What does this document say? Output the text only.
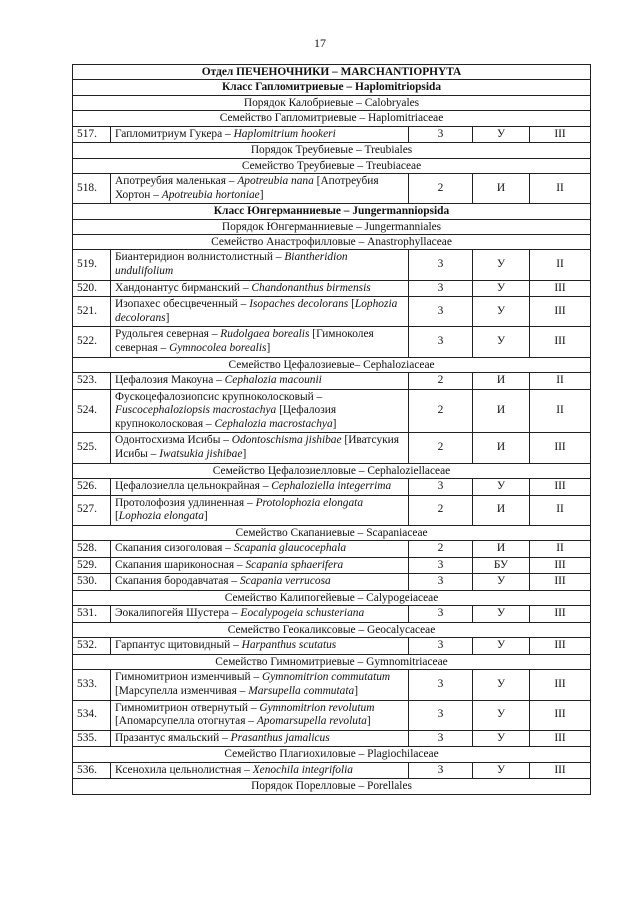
17
Отдел ПЕЧЕНОЧНИКИ – MARCHANTIOPHYTA				
Класс Гапломитриевые – Haplomitriopsida				
Порядок Калобриевые – Calobryales				
Семейство Гапломитриевые – Haplomitriaceae				
517.	Гапломитриум Гукера – Haplomitrium hookeri	3	У	III
Порядок Треубиевые – Treubiales				
Семейство Треубиевые – Treubiaceae				
518.	Апотреубия маленькая – Apotreubia nana [Апотреубия Хортон – Apotreubia hortoniae]	2	И	II
Класс Юнгерманниевые – Jungermanniopsida				
Порядок Юнгерманниевые – Jungermanniales				
Семейство Анастрофилловые – Anastrophyllaceae				
519.	Биантеридион волнистолистный – Biantheridion undulifolium	3	У	II
520.	Хандонантус бирманский – Chandonanthus birmensis	3	У	III
521.	Изопахес обесцвеченный – Isopaches decolorans [Lophozia decolorans]	3	У	III
522.	Рудольгея северная – Rudolgaea borealis [Гимноколея северная – Gymnocolea borealis]	3	У	III
Семейство Цефалозиевые– Cephaloziaceae				
523.	Цефалозия Макоуна – Cephalozia macounii	2	И	II
524.	Фускоцефалозиопсис крупноколосковый – Fuscocephaloziopsis macrostachya [Цефалозия крупноколосковая – Cephalozia macrostachya]	2	И	II
525.	Одонтосхизма Исибы – Odontoschisma jishibae [Иватсукия Исибы – Iwatsukia jishibae]	2	И	III
Семейство Цефалозиелловые – Cephaloziellaceae				
526.	Цефалозиелла цельнокрайная – Cephaloziella integerrima	3	У	III
527.	Протолофозия удлиненная – Protolophozia elongata [Lophozia elongata]	2	И	II
Семейство Скапаниевые – Scapaniaceae				
528.	Скапания сизоголовая – Scapania glaucocephala	2	И	II
529.	Скапания шариконосная – Scapania sphaerifera	3	БУ	III
530.	Скапания бородавчатая – Scapania verrucosa	3	У	III
Семейство Калипогейевые – Calypogeiaceae				
531.	Эокалипогейя Шустера – Eocalypogeia schusteriana	3	У	III
Семейство Геокаликсовые – Geocalycaceae				
532.	Гарпантус щитовидный – Harpanthus scutatus	3	У	III
Семейство Гимномитриевые – Gymnomitriaceae				
533.	Гимномитрион изменчивый – Gymnomitrion commutatum [Марсупелла изменчивая – Marsupella commutata]	3	У	III
534.	Гимномитрион отвернутый – Gymnomitrion revolutum [Апомарсупелла отогнутая – Apomarsupella revoluta]	3	У	III
535.	Празантус ямальский – Prasanthus jamalicus	3	У	III
Семейство Плагиохиловые – Plagiochilaceae				
536.	Ксенохила цельнолистная – Xenochila integrifolia	3	У	III
Порядок Порелловые – Porellales				
